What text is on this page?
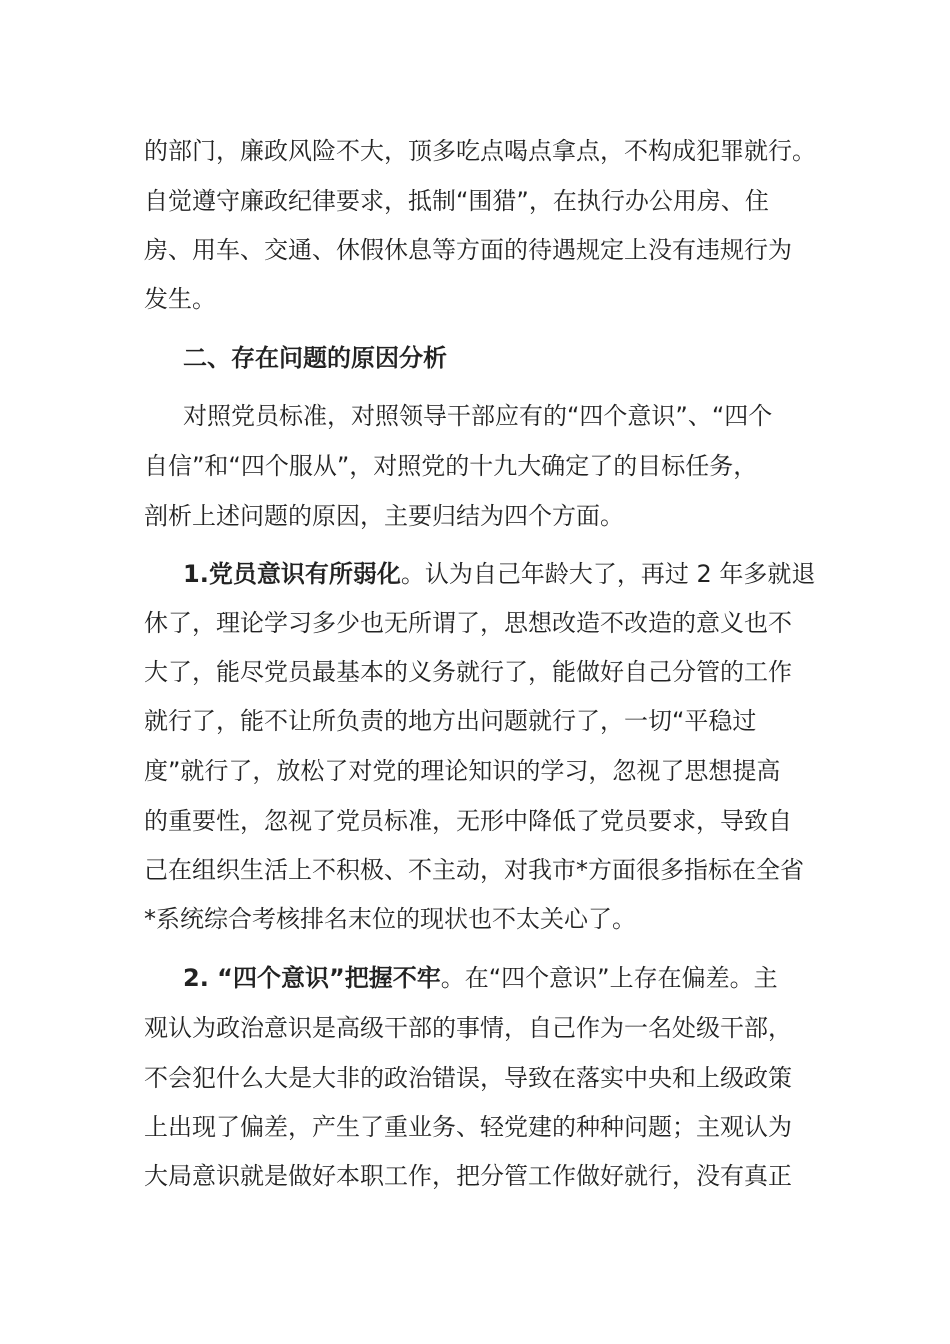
的部门，廉政风险不大，顶多吃点喝点拿点，不构成犯罪就行。
自觉遵守廉政纪律要求，抵制“围猎”，在执行办公用房、住
房、用车、交通、休假休息等方面的待遇规定上没有违规行为
发生。
二、存在问题的原因分析
对照党员标准，对照领导干部应有的“四个意识”、“四个
自信”和“四个服从”，对照党的十九大确定了的目标任务，
剖析上述问题的原因，主要归结为四个方面。
1.党员意识有所弱化。认为自己年龄大了，再过 2 年多就退
休了，理论学习多少也无所谓了，思想改造不改造的意义也不
大了，能尽党员最基本的义务就行了，能做好自己分管的工作
就行了，能不让所负责的地方出问题就行了，一切“平稳过
度”就行了，放松了对党的理论知识的学习，忽视了思想提高
的重要性，忽视了党员标准，无形中降低了党员要求，导致自
己在组织生活上不积极、不主动，对我市*方面很多指标在全省
*系统综合考核排名末位的现状也不太关心了。
2. “四个意识”把握不牢。在“四个意识”上存在偏差。主
观认为政治意识是高级干部的事情，自己作为一名处级干部，
不会犯什么大是大非的政治错误，导致在落实中央和上级政策
上出现了偏差，产生了重业务、轻党建的种种问题；主观认为
大局意识就是做好本职工作，把分管工作做好就行，没有真正
